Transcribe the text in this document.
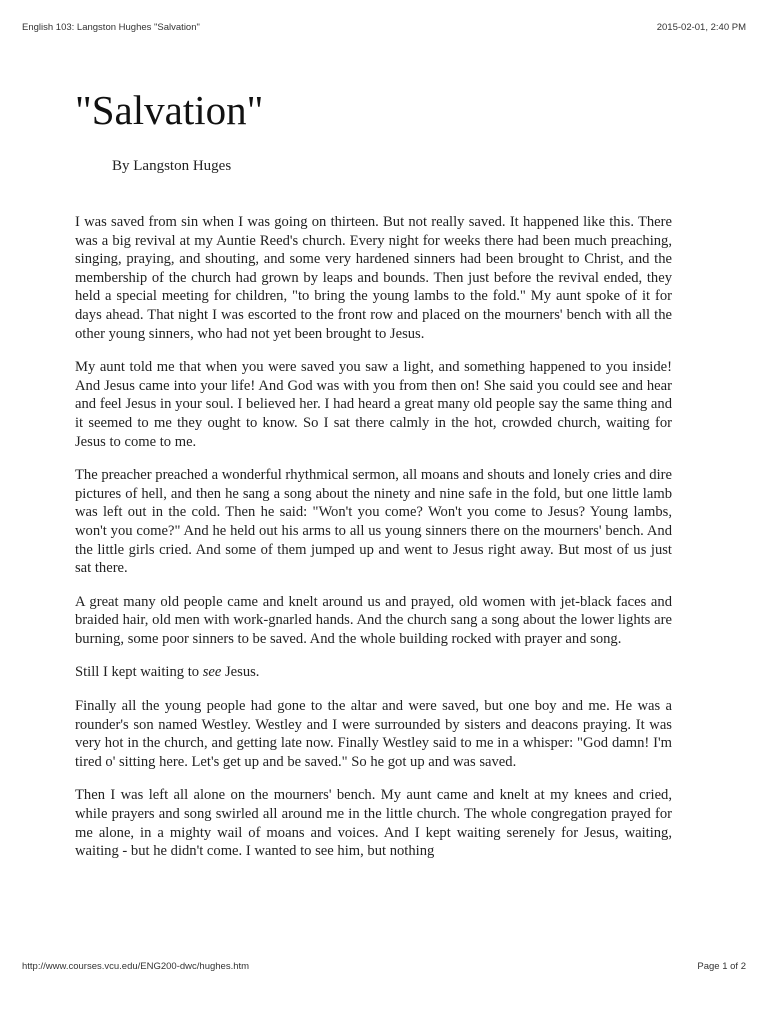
English 103: Langston Hughes "Salvation"	2015-02-01, 2:40 PM
"Salvation"

By Langston Huges

I was saved from sin when I was going on thirteen. But not really saved. It happened like this. There was a big revival at my Auntie Reed's church. Every night for weeks there had been much preaching, singing, praying, and shouting, and some very hardened sinners had been brought to Christ, and the membership of the church had grown by leaps and bounds. Then just before the revival ended, they held a special meeting for children, "to bring the young lambs to the fold." My aunt spoke of it for days ahead. That night I was escorted to the front row and placed on the mourners' bench with all the other young sinners, who had not yet been brought to Jesus.

My aunt told me that when you were saved you saw a light, and something happened to you inside! And Jesus came into your life! And God was with you from then on! She said you could see and hear and feel Jesus in your soul. I believed her. I had heard a great many old people say the same thing and it seemed to me they ought to know. So I sat there calmly in the hot, crowded church, waiting for Jesus to come to me.

The preacher preached a wonderful rhythmical sermon, all moans and shouts and lonely cries and dire pictures of hell, and then he sang a song about the ninety and nine safe in the fold, but one little lamb was left out in the cold. Then he said: "Won't you come? Won't you come to Jesus? Young lambs, won't you come?" And he held out his arms to all us young sinners there on the mourners' bench. And the little girls cried. And some of them jumped up and went to Jesus right away. But most of us just sat there.

A great many old people came and knelt around us and prayed, old women with jet-black faces and braided hair, old men with work-gnarled hands. And the church sang a song about the lower lights are burning, some poor sinners to be saved. And the whole building rocked with prayer and song.

Still I kept waiting to see Jesus.

Finally all the young people had gone to the altar and were saved, but one boy and me. He was a rounder's son named Westley. Westley and I were surrounded by sisters and deacons praying. It was very hot in the church, and getting late now. Finally Westley said to me in a whisper: "God damn! I'm tired o' sitting here. Let's get up and be saved." So he got up and was saved.

Then I was left all alone on the mourners' bench. My aunt came and knelt at my knees and cried, while prayers and song swirled all around me in the little church. The whole congregation prayed for me alone, in a mighty wail of moans and voices. And I kept waiting serenely for Jesus, waiting, waiting - but he didn't come. I wanted to see him, but nothing

http://www.courses.vcu.edu/ENG200-dwc/hughes.htm	Page 1 of 2
